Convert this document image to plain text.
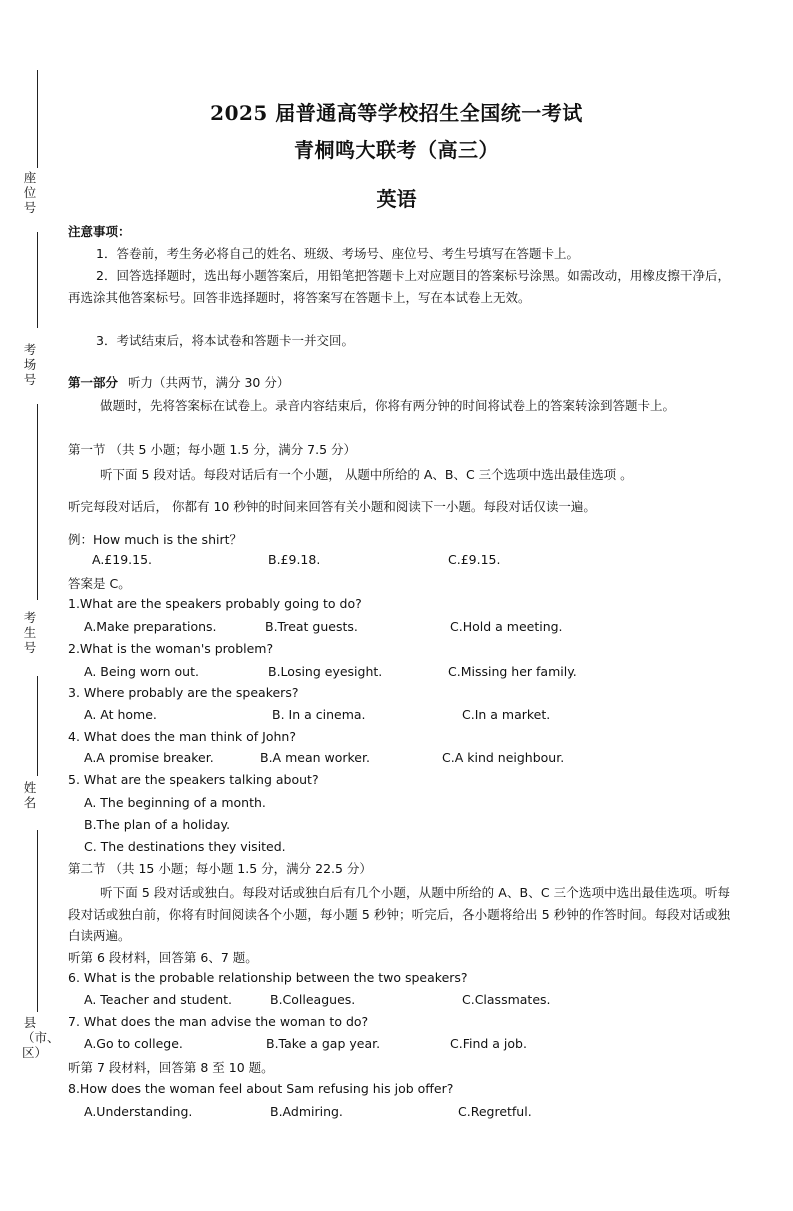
座位号
考场号
考生号
姓名
县（市、区）
2025 届普通高等学校招生全国统一考试
青桐鸣大联考（高三）
英语
注意事项：
1．答卷前，考生务必将自己的姓名、班级、考场号、座位号、考生号填写在答题卡上。
2．回答选择题时，选出每小题答案后，用铅笔把答题卡上对应题目的答案标号涂黑。如需改动，用橡皮擦干净后，再选涂其他答案标号。回答非选择题时，将答案写在答题卡上，写在本试卷上无效。
3．考试结束后，将本试卷和答题卡一并交回。
第一部分 听力（共两节，满分 30 分）
做题时，先将答案标在试卷上。录音内容结束后，你将有两分钟的时间将试卷上的答案转涂到答题卡上。
第一节 （共 5 小题；每小题 1.5 分，满分 7.5 分）
听下面 5 段对话。每段对话后有一个小题， 从题中所给的 A、B、C 三个选项中选出最佳选项 。
听完每段对话后， 你都有 10 秒钟的时间来回答有关小题和阅读下一小题。每段对话仅读一遍。
例：How much is the shirt？
A.£19.15.	B.£9.18.	C.£9.15.
答案是 C。
1.What are the speakers probably going to do?
A.Make preparations.	B.Treat guests.	C.Hold a meeting.
2.What is the woman's problem?
A. Being worn out.	B.Losing eyesight.	C.Missing her family.
3. Where probably are the speakers?
A. At home.	B. In a cinema.	C.In a market.
4. What does the man think of John?
A.A promise breaker.	B.A mean worker.	C.A kind neighbour.
5. What are the speakers talking about?
A. The beginning of a month.
B.The plan of a holiday.
C. The destinations they visited.
第二节 （共 15 小题；每小题 1.5 分，满分 22.5 分）
听下面 5 段对话或独白。每段对话或独白后有几个小题，从题中所给的 A、B、C 三个选项中选出最佳选项。听每段对话或独白前，你将有时间阅读各个小题，每小题 5 秒钟；听完后，各小题将给出 5 秒钟的作答时间。每段对话或独白读两遍。
听第 6 段材料，回答第 6、7 题。
6. What is the probable relationship between the two speakers?
A. Teacher and student.	B.Colleagues.	C.Classmates.
7. What does the man advise the woman to do?
A.Go to college.	B.Take a gap year.	C.Find a job.
听第 7 段材料，回答第 8 至 10 题。
8.How does the woman feel about Sam refusing his job offer?
A.Understanding.	B.Admiring.	C.Regretful.
